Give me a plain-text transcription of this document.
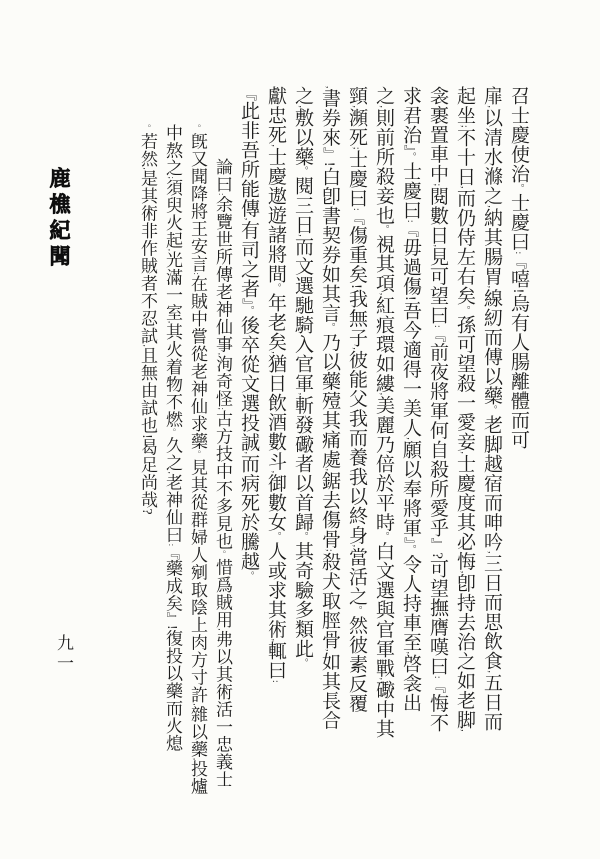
召士慶使治。士慶曰:『嘻!烏有人腸離體而可
扉,以清水滌之,納其腸胃,線紉而傅以藥。老脚越宿而呻吟,三日而思飲食,五日而
起坐;不十日,而仍侍左右矣。孫可望殺一愛妾,士慶度其必悔,卽持去治之如老脚,
衾裹置車中;閱數日,見可望曰:『前夜將軍何自殺所愛乎』?可望撫膺嘆曰:『悔不
求君治』。士慶曰:『毋過傷!吾今適得一美人,願以奉將軍』。令人持車至,啓衾出
之,則前所殺妾也。視其項,紅痕環如縷,美麗乃倍於平時。白文選與官軍戰,礮中其
頸,瀕死;士慶曰:『傷重矣!我無子,彼能父我而養我以終身,當活之。然彼素反覆
,書券來』!白卽書契券如其言。乃以藥殪其痛處,鋸去傷骨;殺犬取脛骨,如其長合
之,敷以藥。閱三日,而文選馳騎入官軍,斬發礮者以首歸。其奇驗多類此。
獻忠死,士慶遨遊諸將間。年老矣,猶日飲酒數斗,御數女。人或求其術,輒曰:
『此非吾所能傳,有司之者』。後卒從文選投誠,而病死於騰越。
論曰:余覽世所傳老神仙事,洵奇怪;古方技中不多見也。惜爲賊用,弗以其術活一忠義士
。旣又聞降將王安言:在賊中嘗從老神仙求藥。見其從群婦人剜取陰上肉方寸許,雜以藥,投爐
中熬之;須臾火起,光滿一室,其火着物不燃。久之,老神仙曰:『藥成矣』!復投以藥而火熄
。若然,是其術非作賊者不忍試,且無由試也!曷足尚哉?
鹿樵紀聞
九一
